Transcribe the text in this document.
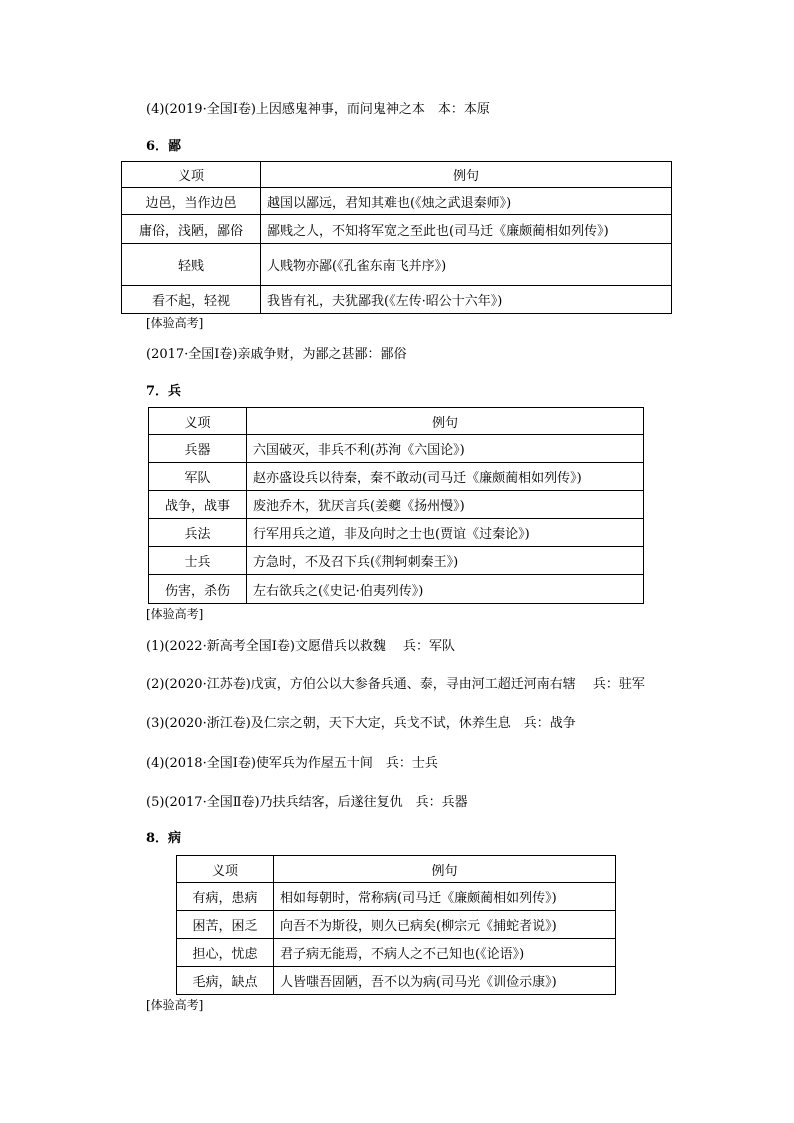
(4)(2019·全国Ⅰ卷)上因感鬼神事，而问鬼神之本　本：本原
6．鄙
义项	例句
边邑，当作边邑	越国以鄙远，君知其难也(《烛之武退秦师》)
庸俗，浅陋，鄙俗	鄙贱之人，不知将军宽之至此也(司马迁《廉颇蔺相如列传》)
轻贱	人贱物亦鄙(《孔雀东南飞并序》)
看不起，轻视	我皆有礼，夫犹鄙我(《左传·昭公十六年》)
[体验高考]
(2017·全国Ⅰ卷)亲戚争财，为鄙之甚鄙：鄙俗
7．兵
义项	例句
兵器	六国破灭，非兵不利(苏洵《六国论》)
军队	赵亦盛设兵以待秦，秦不敢动(司马迁《廉颇蔺相如列传》)
战争，战事	废池乔木，犹厌言兵(姜夔《扬州慢》)
兵法	行军用兵之道，非及向时之士也(贾谊《过秦论》)
士兵	方急时，不及召下兵(《荆轲刺秦王》)
伤害，杀伤	左右欲兵之(《史记·伯夷列传》)
[体验高考]
(1)(2022·新高考全国Ⅰ卷)文愿借兵以救魏　 兵：军队
(2)(2020·江苏卷)戊寅，方伯公以大参备兵通、泰，寻由河工超迁河南右辖　 兵：驻军
(3)(2020·浙江卷)及仁宗之朝，天下大定，兵戈不试，休养生息　兵：战争
(4)(2018·全国Ⅰ卷)使军兵为作屋五十间　兵：士兵
(5)(2017·全国Ⅱ卷)乃扶兵结客，后遂往复仇　兵：兵器
8．病
义项	例句
有病，患病	相如每朝时，常称病(司马迁《廉颇蔺相如列传》)
困苦，困乏	向吾不为斯役，则久已病矣(柳宗元《捕蛇者说》)
担心，忧虑	君子病无能焉，不病人之不己知也(《论语》)
毛病，缺点	人皆嗤吾固陋，吾不以为病(司马光《训俭示康》)
[体验高考]
